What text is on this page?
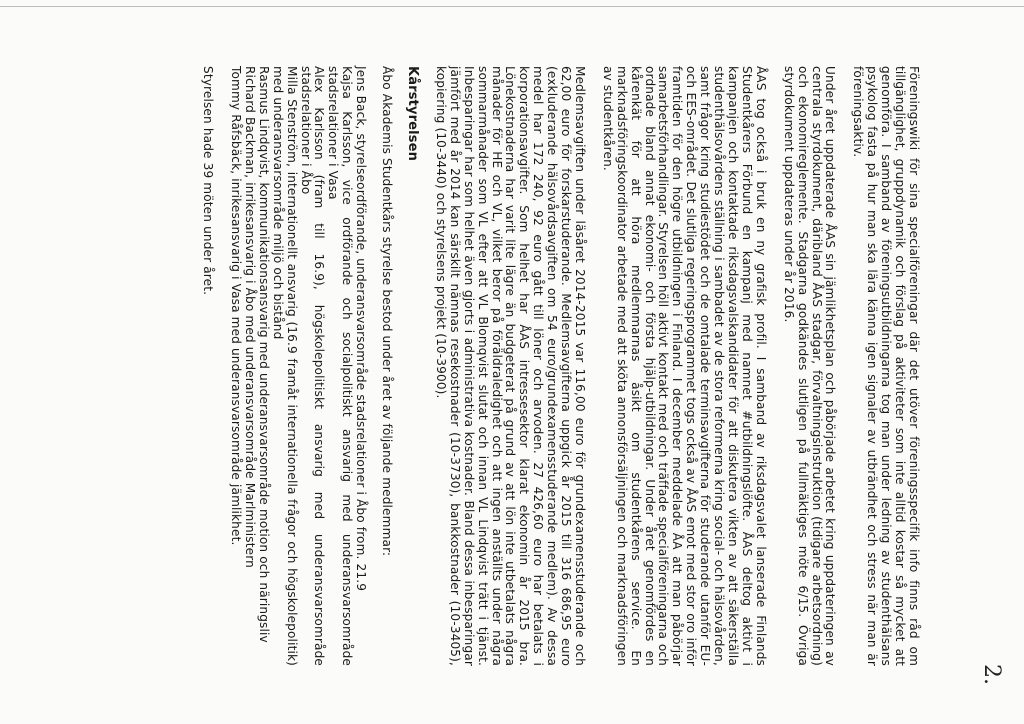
2.

Föreningswiki för sina specialföreningar där det utöver föreningsspecifik info finns råd om tillgänglighet, gruppdynamik och förslag på aktiviteter som inte alltid kostar så mycket att genomföra. I samband av föreningsutbildningarna tog man under ledning av studenthälsans psykolog fasta på hur man ska lära känna igen signaler av utbrändhet och stress när man är föreningsaktiv.

Under året uppdaterade ÅAS sin jämlikhetsplan och påbörjade arbetet kring uppdateringen av centrala styrdokument, däribland ÅAS stadgar, förvaltningsinstruktion (tidigare arbetsordning) och ekonomireglemente. Stadgarna godkändes slutligen på fullmäktiges möte 6/15. Övriga styrdokument uppdateras under år 2016.

ÅAS tog också i bruk en ny grafisk profil. I samband av riksdagsvalet lanserade Finlands Studentkårers Förbund en kampanj med namnet #utbildningslöfte. ÅAS deltog aktivt i kampanjen och kontaktade riksdagsvalskandidater för att diskutera vikten av att säkerställa studenthälsovårdens ställning i sambadet av de stora reformerna kring social- och hälsovården, samt frågor kring studiestödet och de omtalade terminsavgifterna för studerande utanför EU- och EES-området. Det slutliga regeringsprogrammet togs också av ÅAS emot med stor oro inför framtiden för den högre utbildningen i Finland. I december meddelade ÅA att man påbörjar samarbetsförhandlingar. Styrelsen höll aktivt kontakt med och träffade specialföreningarna och ordnade bland annat ekonomi- och första hjälp-utbildningar. Under året genomfördes en kårenkät för att höra medlemmarnas åsikt om studentkårens service. En marknadsföringskoordinator arbetade med att sköta annonsförsäljningen och marknadsföringen av studentkåren.

Medlemsavgiften under läsåret 2014-2015 var 116,00 euro för grundexamensstuderande och 62,00 euro för forskarstuderande. Medlemsavgifterna uppgick år 2015 till 316 686,95 euro (exkluderande hälsovårdsavgiften om 54 euro/grundexamensstuderande medlem). Av dessa medel har 172 240, 92 euro gått till löner och arvoden. 27 426,60 euro har betalats i korporationsavgifter. Som helhet har ÅAS intressesektor klarat ekonomin år 2015 bra. Lönekostnaderna har varit lite lägre än budgeterat på grund av att lön inte utbetalats några månader för HE och VL, vilket beror på föräldraledighet och att ingen anställts under några sommarmånader som VL efter att VL Blomqvist slutat och innan VL Lindqvist trätt i tjänst. Inbesparingar har som helhet även gjorts i administrativa kostnader. Bland dessa inbesparingar jämfört med år 2014 kan särskilt nämnas resekostnader (10-3730), bankkostnader (10-3405), kopiering (10-3440) och styrelsens projekt (10-3900).

Kårstyrelsen

Åbo Akademis Studentkårs styrelse bestod under året av följande medlemmar:

Jens Back, styrelseordförande, underansvarsområde stadsrelationer i Åbo from. 21.9
Kajsa Karlsson, vice ordförande och socialpolitiskt ansvarig med underansvarsområde stadsrelationer i Vasa
Alex Karlsson (fram till 16.9), högskolepolitiskt ansvarig med underansvarsområde stadsrelationer i Åbo
Milla Stenström, internationellt ansvarig (16.9 framåt internationella frågor och högskolepolitik) med underansvarsområde miljö och bistånd
Rasmus Lindqvist, kommunikationsansvarig med underansvarsområde motion och näringsliv
Richard Backman, inrikesansvarig i Åbo med underansvarsområde Marlministern
Tommy Råfsbäck, inrikesansvarig i Vasa med underansvarsområde jämlikhet.

Styrelsen hade 39 möten under året.
